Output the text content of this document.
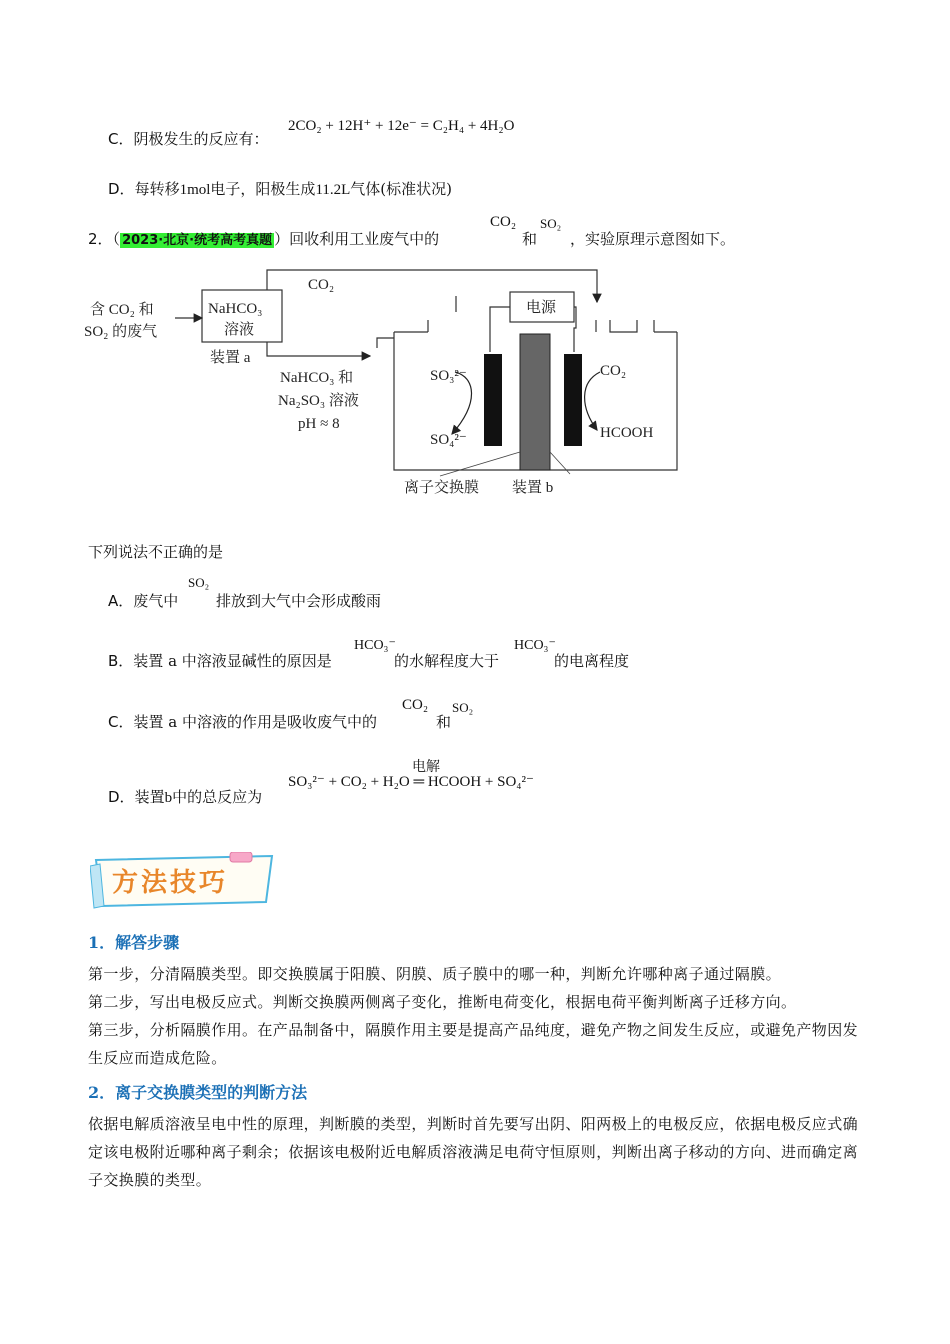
C．阴极发生的反应有：
2CO₂ + 12H⁺ + 12e⁻ = C₂H₄ + 4H₂O
D．每转移1mol电子，阳极生成11.2L气体(标准状况)
2．（ 2023·北京·统考高考真题 ）回收利用工业废气中的
CO₂
和
SO₂
，实验原理示意图如下。
含 CO₂ 和
SO₂ 的废气
NaHCO₃
溶液
装置 a
CO₂
NaHCO₃ 和
Na₂SO₃ 溶液
pH ≈ 8
电源
SO₃²⁻
SO₄²⁻
CO₂
HCOOH
离子交换膜 装置 b
下列说法不正确的是
A．废气中
SO₂
排放到大气中会形成酸雨
B．装置 a 中溶液显碱性的原因是
HCO₃⁻
的水解程度大于
HCO₃⁻
的电离程度
C．装置 a 中溶液的作用是吸收废气中的
CO₂
和
SO₂
D．装置b中的总反应为
电解
SO₃²⁻ + CO₂ + H₂O ═ HCOOH + SO₄²⁻
方法技巧
1．解答步骤
第一步，分清隔膜类型。即交换膜属于阳膜、阴膜、质子膜中的哪一种，判断允许哪种离子通过隔膜。
第二步，写出电极反应式。判断交换膜两侧离子变化，推断电荷变化，根据电荷平衡判断离子迁移方向。
第三步，分析隔膜作用。在产品制备中，隔膜作用主要是提高产品纯度，避免产物之间发生反应，或避免产物因发生反应而造成危险。
2．离子交换膜类型的判断方法
依据电解质溶液呈电中性的原理，判断膜的类型，判断时首先要写出阴、阳两极上的电极反应，依据电极反应式确定该电极附近哪种离子剩余；依据该电极附近电解质溶液满足电荷守恒原则，判断出离子移动的方向、进而确定离子交换膜的类型。
